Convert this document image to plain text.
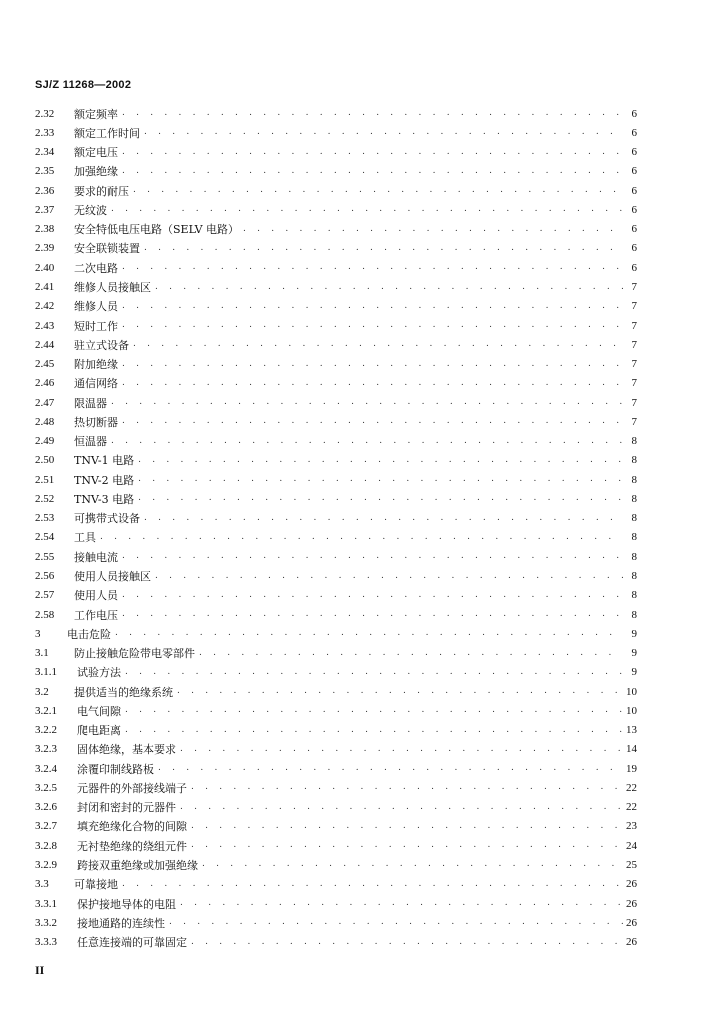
SJ/Z 11268—2002
2.32	额定频率 . . .	6
2.33	额定工作时间 . . .	6
2.34	额定电压 . . .	6
2.35	加强绝缘 . . .	6
2.36	要求的耐压 . . .	6
2.37	无纹波 . . .	6
2.38	安全特低电压电路（SELV 电路） . . .	6
2.39	安全联锁装置 . . .	6
2.40	二次电路 . . .	6
2.41	维修人员接触区 . . .	7
2.42	维修人员 . . .	7
2.43	短时工作 . . .	7
2.44	驻立式设备 . . .	7
2.45	附加绝缘 . . .	7
2.46	通信网络 . . .	7
2.47	限温器 . . .	7
2.48	热切断器 . . .	7
2.49	恒温器 . . .	8
2.50	TNV-1 电路 . . .	8
2.51	TNV-2 电路 . . .	8
2.52	TNV-3 电路 . . .	8
2.53	可携带式设备 . . .	8
2.54	工具 . . .	8
2.55	接触电流 . . .	8
2.56	使用人员接触区 . . .	8
2.57	使用人员 . . .	8
2.58	工作电压 . . .	8
3	电击危险 . . .	9
3.1	防止接触危险带电零部件 . . .	9
3.1.1	试验方法 . . .	9
3.2	提供适当的绝缘系统 . . .	10
3.2.1	电气间隙 . . .	10
3.2.2	爬电距离 . . .	13
3.2.3	固体绝缘，基本要求 . . .	14
3.2.4	涂覆印制线路板 . . .	19
3.2.5	元器件的外部接线端子 . . .	22
3.2.6	封闭和密封的元器件 . . .	22
3.2.7	填充绝缘化合物的间隙 . . .	23
3.2.8	无衬垫绝缘的绕组元件 . . .	24
3.2.9	跨接双重绝缘或加强绝缘 . . .	25
3.3	可靠接地 . . .	26
3.3.1	保护接地导体的电阻 . . .	26
3.3.2	接地通路的连续性 . . .	26
3.3.3	任意连接端的可靠固定 . . .	26
II
